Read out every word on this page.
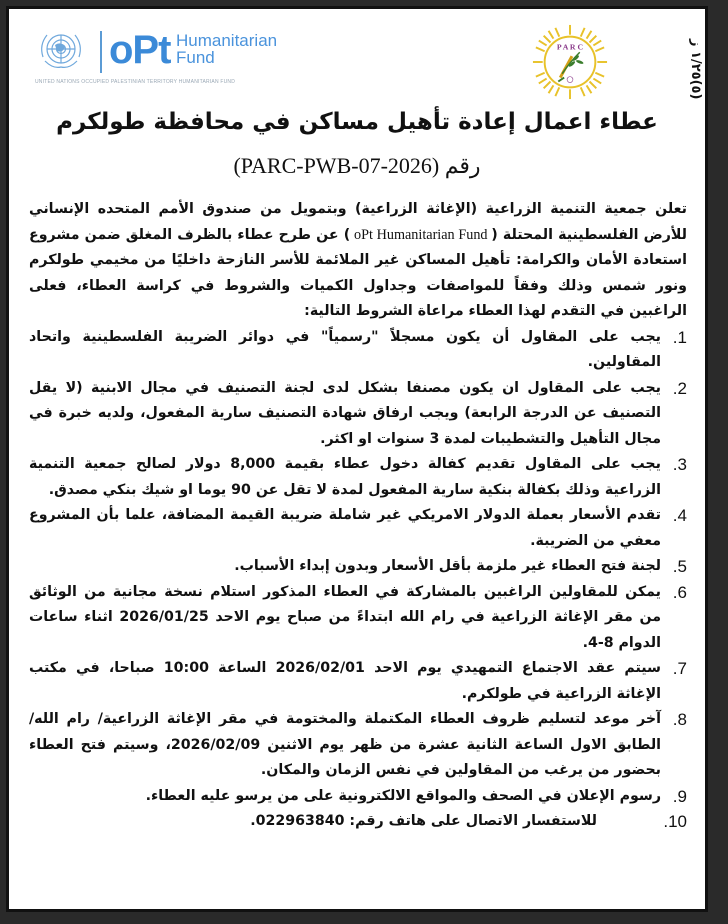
oPt Humanitarian
Fund
UNITED NATIONS OCCUPIED PALESTINIAN TERRITORY HUMANITARIAN FUND
P A R C	(٥)١/٢٥ ز
عطاء اعمال إعادة تأهيل مساكن في محافظة طولكرم
رقم (PARC-PWB-07-2026)

تعلن جمعية التنمية الزراعية (الإغاثة الزراعية) وبتمويل من صندوق الأمم المتحده الإنساني للأرض الفلسطينية المحتلة ( oPt Humanitarian Fund ) عن طرح عطاء بالظرف المغلق ضمن مشروع استعادة الأمان والكرامة: تأهيل المساكن غير الملائمة للأسر النازحة داخليًا من مخيمي طولكرم ونور شمس وذلك وفقاً للمواصفات وجداول الكميات والشروط في كراسة العطاء، فعلى الراغبين في التقدم لهذا العطاء مراعاة الشروط التالية:

1.
يجب على المقاول أن يكون مسجلاً "رسمياً" في دوائر الضريبة الفلسطينية واتحاد المقاولين.
2.
يجب على المقاول ان يكون مصنفا بشكل لدى لجنة التصنيف في مجال الابنية (لا يقل التصنيف عن الدرجة الرابعة) ويجب ارفاق شهادة التصنيف سارية المفعول، ولديه خبرة في مجال التأهيل والتشطيبات لمدة 3 سنوات او اكثر.
3.
يجب على المقاول تقديم كفالة دخول عطاء بقيمة 8,000 دولار لصالح جمعية التنمية الزراعية وذلك بكفالة بنكية سارية المفعول لمدة لا تقل عن 90 يوما او شيك بنكي مصدق.
4.
تقدم الأسعار بعملة الدولار الامريكي غير شاملة ضريبة القيمة المضافة، علما بأن المشروع معفي من الضريبة.
5.
لجنة فتح العطاء غير ملزمة بأقل الأسعار وبدون إبداء الأسباب.
6.
يمكن للمقاولين الراغبين بالمشاركة في العطاء المذكور استلام نسخة مجانية من الوثائق من مقر الإغاثة الزراعية في رام الله ابتداءً من صباح يوم الاحد 2026/01/25 اثناء ساعات الدوام 8-4.
7.
سيتم عقد الاجتماع التمهيدي يوم الاحد 2026/02/01 الساعة 10:00 صباحا، في مكتب الإغاثة الزراعية في طولكرم.
8.
آخر موعد لتسليم ظروف العطاء المكتملة والمختومة في مقر الإغاثة الزراعية/ رام الله/ الطابق الاول الساعة الثانية عشرة من ظهر يوم الاثنين 2026/02/09، وسيتم فتح العطاء بحضور من يرغب من المقاولين في نفس الزمان والمكان.
9.
رسوم الإعلان في الصحف والمواقع الالكترونية على من يرسو عليه العطاء.
10.
للاستفسار الاتصال على هاتف رقم: 022963840.
